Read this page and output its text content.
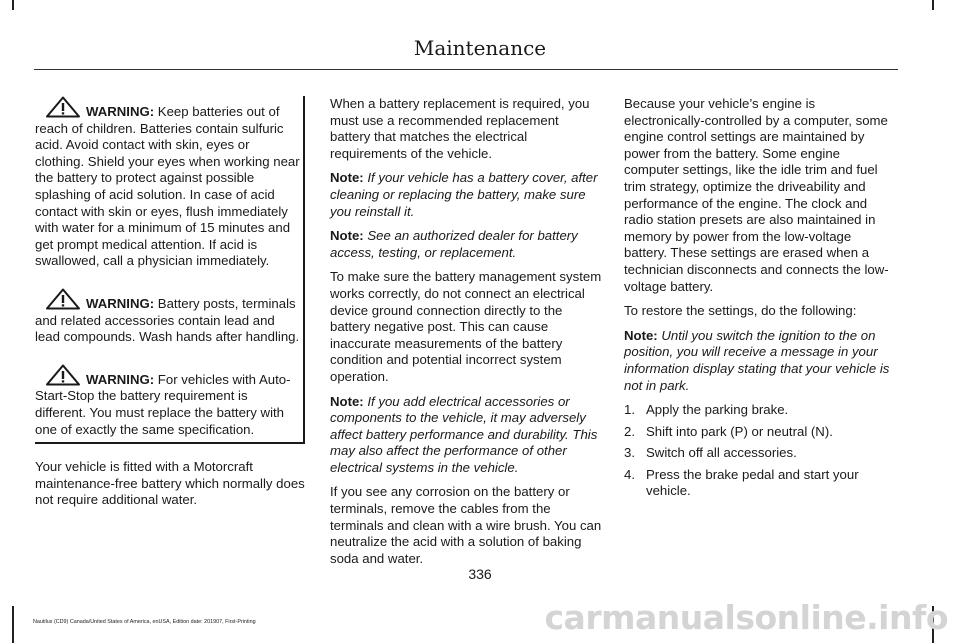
Maintenance

WARNING: Keep batteries out of reach of children. Batteries contain sulfuric acid. Avoid contact with skin, eyes or clothing. Shield your eyes when working near the battery to protect against possible splashing of acid solution. In case of acid contact with skin or eyes, flush immediately with water for a minimum of 15 minutes and get prompt medical attention. If acid is swallowed, call a physician immediately.

WARNING: Battery posts, terminals and related accessories contain lead and lead compounds. Wash hands after handling.

WARNING: For vehicles with Auto-Start-Stop the battery requirement is different. You must replace the battery with one of exactly the same specification.

Your vehicle is fitted with a Motorcraft maintenance-free battery which normally does not require additional water.

When a battery replacement is required, you must use a recommended replacement battery that matches the electrical requirements of the vehicle.

Note: If your vehicle has a battery cover, after cleaning or replacing the battery, make sure you reinstall it.

Note: See an authorized dealer for battery access, testing, or replacement.

To make sure the battery management system works correctly, do not connect an electrical device ground connection directly to the battery negative post. This can cause inaccurate measurements of the battery condition and potential incorrect system operation.

Note: If you add electrical accessories or components to the vehicle, it may adversely affect battery performance and durability. This may also affect the performance of other electrical systems in the vehicle.

If you see any corrosion on the battery or terminals, remove the cables from the terminals and clean with a wire brush. You can neutralize the acid with a solution of baking soda and water.

Because your vehicle’s engine is electronically-controlled by a computer, some engine control settings are maintained by power from the battery. Some engine computer settings, like the idle trim and fuel trim strategy, optimize the driveability and performance of the engine. The clock and radio station presets are also maintained in memory by power from the low-voltage battery. These settings are erased when a technician disconnects and connects the low-voltage battery.

To restore the settings, do the following:

Note: Until you switch the ignition to the on position, you will receive a message in your information display stating that your vehicle is not in park.

1. Apply the parking brake.
2. Shift into park (P) or neutral (N).
3. Switch off all accessories.
4. Press the brake pedal and start your vehicle.
336
Nautilus (CD9) Canada/United States of America, enUSA, Edition date: 201907, First-Printing	carmanualsonline.info
